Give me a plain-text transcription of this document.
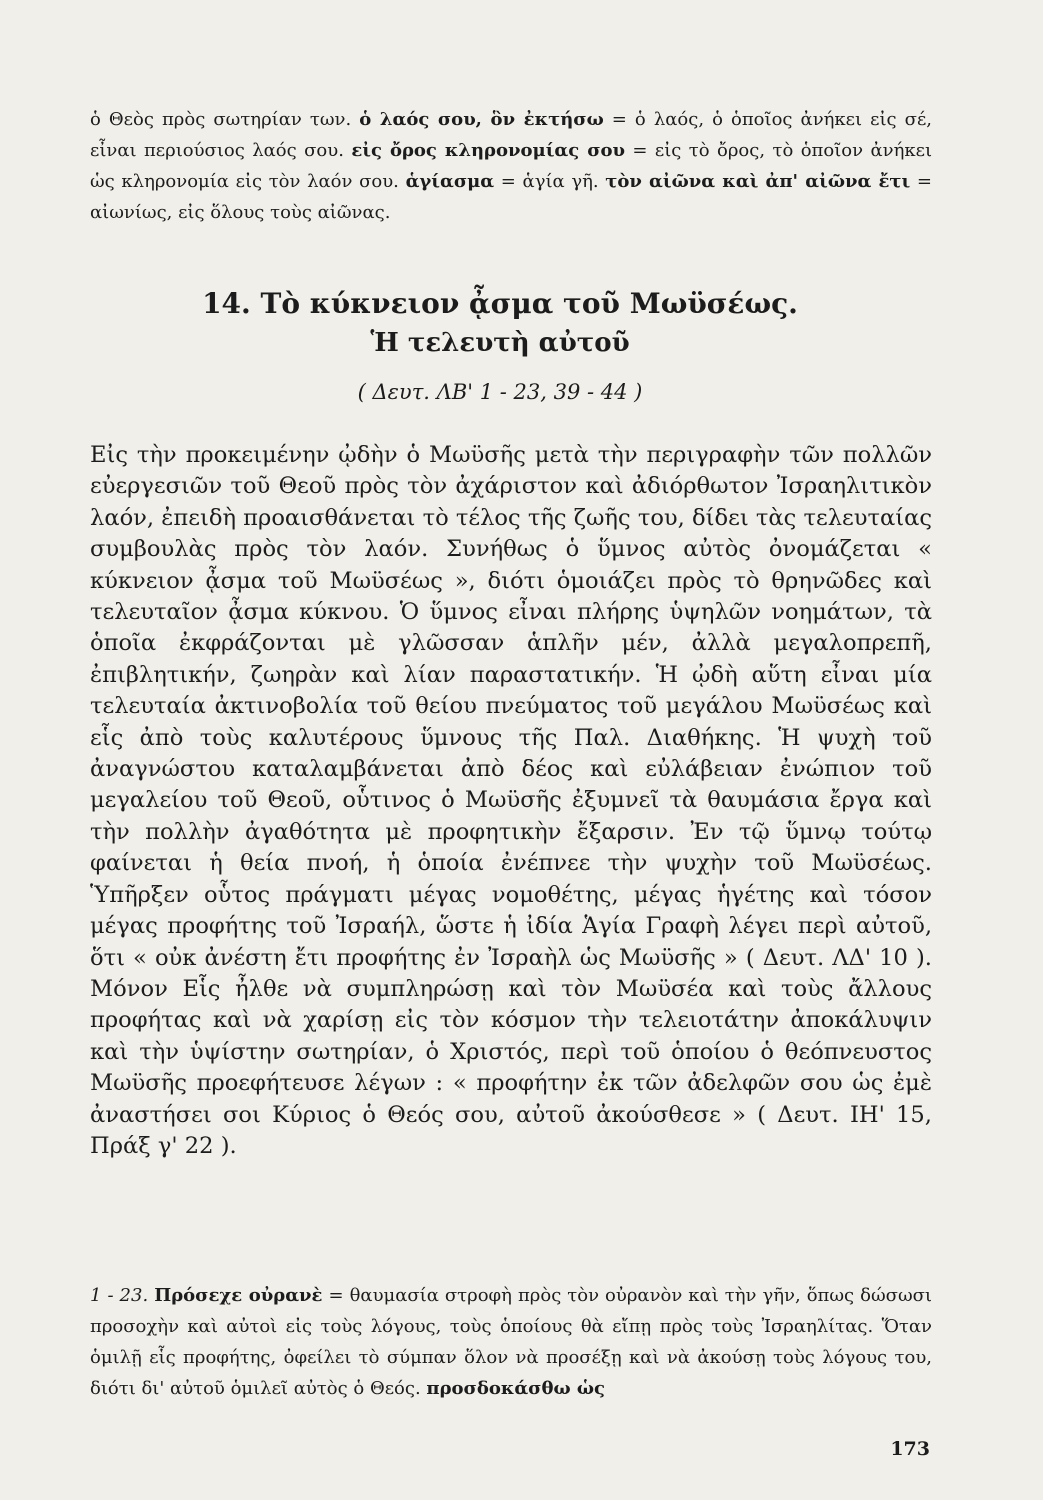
ὁ Θεὸς πρὸς σωτηρίαν των. ὁ λαός σου, ὃν ἐκτήσω = ὁ λαός, ὁ ὁποῖος ἀνήκει εἰς σέ, εἶναι περιούσιος λαός σου. εἰς ὄρος κληρονομίας σου = εἰς τὸ ὄρος, τὸ ὁποῖον ἀνήκει ὡς κληρονομία εἰς τὸν λαόν σου. ἁγίασμα = ἁγία γῆ. τὸν αἰῶνα καὶ ἀπ' αἰῶνα ἔτι = αἰωνίως, εἰς ὅλους τοὺς αἰῶνας.
14. Τὸ κύκνειον ᾆσμα τοῦ Μωϋσέως.
Ἡ τελευτὴ αὐτοῦ
( Δευτ. ΛΒ' 1 - 23, 39 - 44 )

Εἰς τὴν προκειμένην ᾠδὴν ὁ Μωϋσῆς μετὰ τὴν περιγραφὴν τῶν πολλῶν εὐεργεσιῶν τοῦ Θεοῦ πρὸς τὸν ἀχάριστον καὶ ἀδιόρθωτον Ἰσραηλιτικὸν λαόν, ἐπειδὴ προαισθάνεται τὸ τέλος τῆς ζωῆς του, δίδει τὰς τελευταίας συμβουλὰς πρὸς τὸν λαόν. Συνήθως ὁ ὕμνος αὐτὸς ὀνομάζεται « κύκνειον ᾆσμα τοῦ Μωϋσέως », διότι ὁμοιάζει πρὸς τὸ θρηνῶδες καὶ τελευταῖον ᾆσμα κύκνου. Ὁ ὕμνος εἶναι πλήρης ὑψηλῶν νοημάτων, τὰ ὁποῖα ἐκφράζονται μὲ γλῶσσαν ἁπλῆν μέν, ἀλλὰ μεγαλοπρεπῆ, ἐπιβλητικήν, ζωηρὰν καὶ λίαν παραστατικήν. Ἡ ᾠδὴ αὕτη εἶναι μία τελευταία ἀκτινοβολία τοῦ θείου πνεύματος τοῦ μεγάλου Μωϋσέως καὶ εἷς ἀπὸ τοὺς καλυτέρους ὕμνους τῆς Παλ. Διαθήκης. Ἡ ψυχὴ τοῦ ἀναγνώστου καταλαμβάνεται ἀπὸ δέος καὶ εὐλάβειαν ἐνώπιον τοῦ μεγαλείου τοῦ Θεοῦ, οὗτινος ὁ Μωϋσῆς ἐξυμνεῖ τὰ θαυμάσια ἔργα καὶ τὴν πολλὴν ἀγαθότητα μὲ προφητικὴν ἔξαρσιν. Ἐν τῷ ὕμνῳ τούτῳ φαίνεται ἡ θεία πνοή, ἡ ὁποία ἐνέπνεε τὴν ψυχὴν τοῦ Μωϋσέως. Ὑπῆρξεν οὗτος πράγματι μέγας νομοθέτης, μέγας ἡγέτης καὶ τόσον μέγας προφήτης τοῦ Ἰσραήλ, ὥστε ἡ ἰδία Ἁγία Γραφὴ λέγει περὶ αὐτοῦ, ὅτι « οὐκ ἀνέστη ἔτι προφήτης ἐν Ἰσραὴλ ὡς Μωϋσῆς » ( Δευτ. ΛΔ' 10 ). Μόνον Εἷς ἦλθε νὰ συμπληρώσῃ καὶ τὸν Μωϋσέα καὶ τοὺς ἄλλους προφήτας καὶ νὰ χαρίσῃ εἰς τὸν κόσμον τὴν τελειοτάτην ἀποκάλυψιν καὶ τὴν ὑψίστην σωτηρίαν, ὁ Χριστός, περὶ τοῦ ὁποίου ὁ θεόπνευστος Μωϋσῆς προεφήτευσε λέγων : « προφήτην ἐκ τῶν ἀδελφῶν σου ὡς ἐμὲ ἀναστήσει σοι Κύριος ὁ Θεός σου, αὐτοῦ ἀκούσθεσε » ( Δευτ. ΙΗ' 15, Πράξ γ' 22 ).

1 - 23. Πρόσεχε οὐρανὲ = θαυμασία στροφὴ πρὸς τὸν οὐρανὸν καὶ τὴν γῆν, ὅπως δώσωσι προσοχὴν καὶ αὐτοὶ εἰς τοὺς λόγους, τοὺς ὁποίους θὰ εἴπῃ πρὸς τοὺς Ἰσραηλίτας. Ὅταν ὁμιλῇ εἷς προφήτης, ὀφείλει τὸ σύμπαν ὅλον νὰ προσέξῃ καὶ νὰ ἀκούσῃ τοὺς λόγους του, διότι δι' αὐτοῦ ὁμιλεῖ αὐτὸς ὁ Θεός. προσδοκάσθω ὡς
173
